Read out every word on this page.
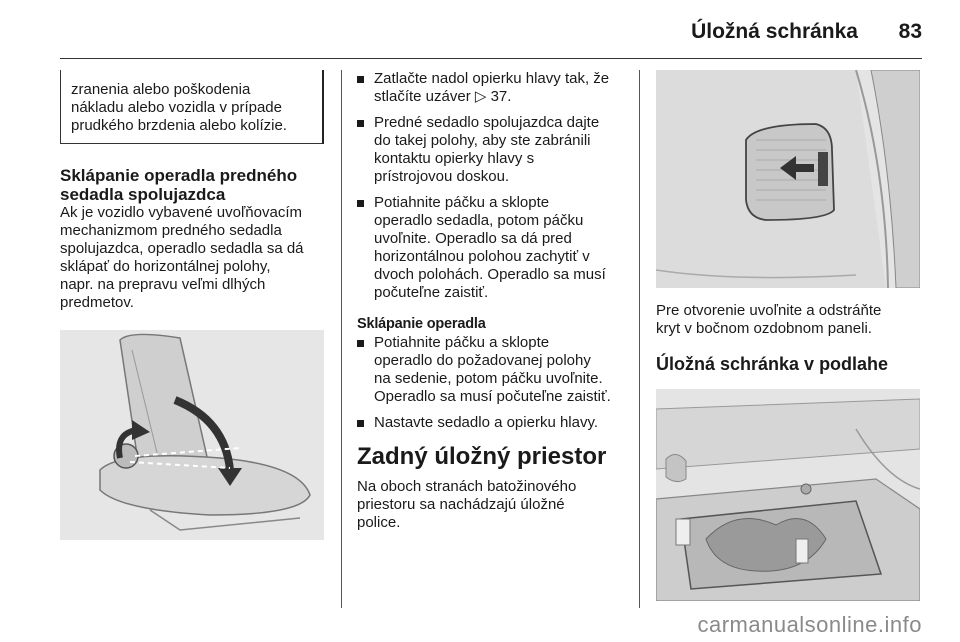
Úložná schránka 83
zranenia alebo poškodenia
nákladu alebo vozidla v prípade
prudkého brzdenia alebo kolízie.
Sklápanie operadla predného
sedadla spolujazdca
Ak je vozidlo vybavené uvoľňovacím
mechanizmom predného sedadla
spolujazdca, operadlo sedadla sa dá
sklápať do horizontálnej polohy,
napr. na prepravu veľmi dlhých
predmetov.
Zatlačte nadol opierku hlavy tak, že
stlačíte uzáver ▷ 37.
Predné sedadlo spolujazdca dajte
do takej polohy, aby ste zabránili
kontaktu opierky hlavy s
prístrojovou doskou.
Potiahnite páčku a sklopte
operadlo sedadla, potom páčku
uvoľnite. Operadlo sa dá pred
horizontálnou polohou zachytiť v
dvoch polohách. Operadlo sa musí
počuteľne zaistiť.
Sklápanie operadla
Potiahnite páčku a sklopte
operadlo do požadovanej polohy
na sedenie, potom páčku uvoľnite.
Operadlo sa musí počuteľne zaistiť.
Nastavte sedadlo a opierku hlavy.
Zadný úložný priestor
Na oboch stranách batožinového
priestoru sa nachádzajú úložné
police.
Pre otvorenie uvoľnite a odstráňte
kryt v bočnom ozdobnom paneli.
Úložná schránka v podlahe
carmanualsonline.info
